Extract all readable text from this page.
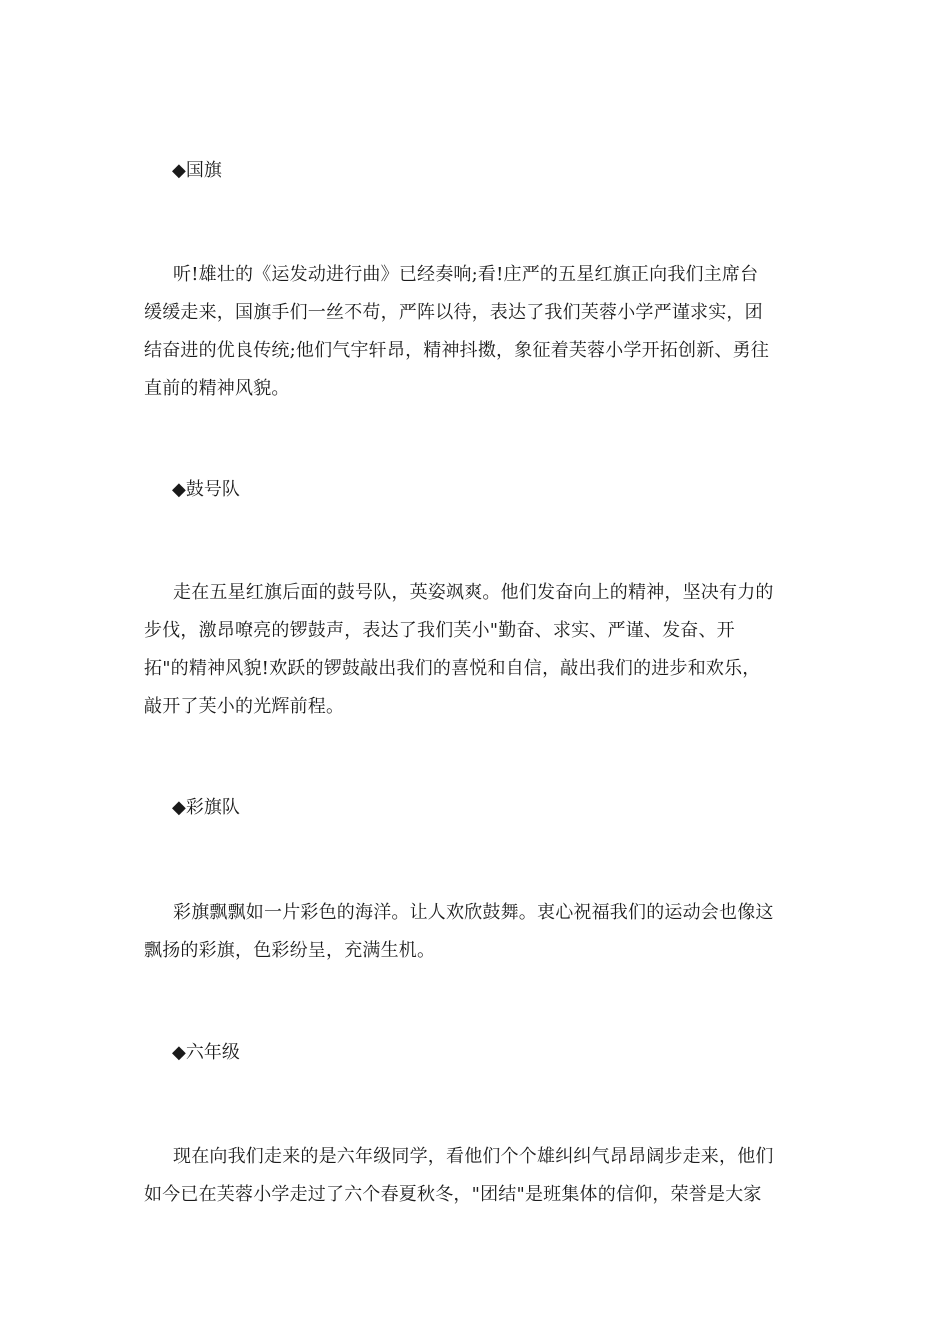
◆国旗
听!雄壮的《运发动进行曲》已经奏响;看!庄严的五星红旗正向我们主席台
缓缓走来，国旗手们一丝不苟，严阵以待，表达了我们芙蓉小学严谨求实，团
结奋进的优良传统;他们气宇轩昂，精神抖擞，象征着芙蓉小学开拓创新、勇往
直前的精神风貌。
◆鼓号队
走在五星红旗后面的鼓号队，英姿飒爽。他们发奋向上的精神，坚决有力的
步伐，激昂嘹亮的锣鼓声，表达了我们芙小"勤奋、求实、严谨、发奋、开
拓"的精神风貌!欢跃的锣鼓敲出我们的喜悦和自信，敲出我们的进步和欢乐，
敲开了芙小的光辉前程。
◆彩旗队
彩旗飘飘如一片彩色的海洋。让人欢欣鼓舞。衷心祝福我们的运动会也像这
飘扬的彩旗，色彩纷呈，充满生机。
◆六年级
现在向我们走来的是六年级同学，看他们个个雄纠纠气昂昂阔步走来，他们
如今已在芙蓉小学走过了六个春夏秋冬，"团结"是班集体的信仰，荣誉是大家
